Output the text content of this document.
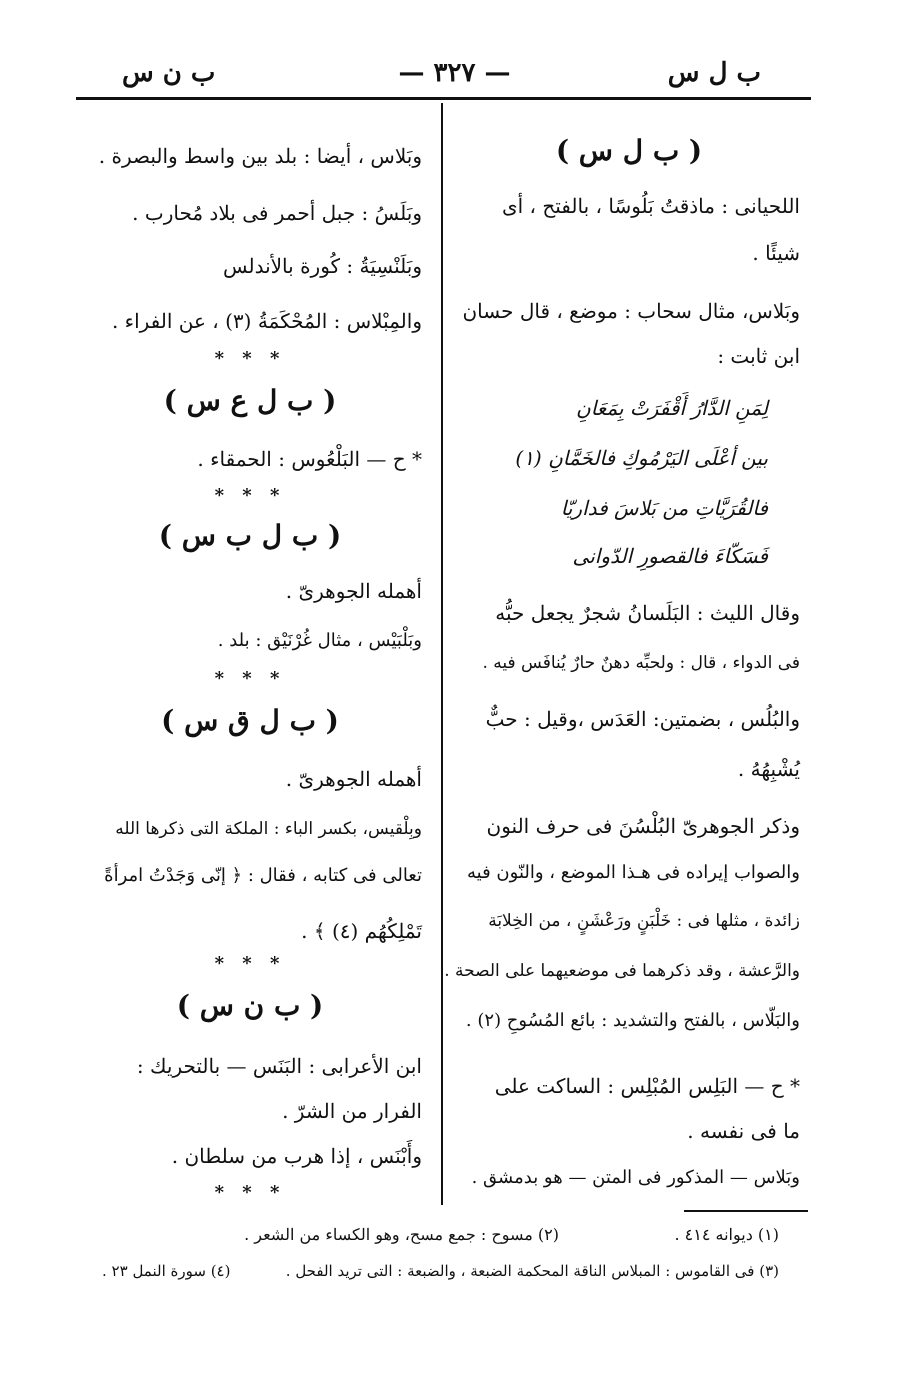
ب ل س
— ٣٢٧ —
ب ن س
( ب ل س )
اللحيانى : ماذقتُ بَلُوسًا ، بالفتح ، أى
شيئًا .
وبَلاس، مثال سحاب : موضع ، قال حسان
ابن ثابت :
لِمَنِ الدَّارُ أَقْفَرَتْ بِمَعَانِ
بين أعْلَى اليَرْمُوكِ فالخَمَّانِ (١)
فالقُرَيَّاتِ من بَلاسَ فداريّا
فَسَكّاءَ فالقصورِ الدّوانى
وقال الليث : البَلَسانُ شجرٌ يجعل حبُّه
فى الدواء ، قال : ولحبِّه دهنٌ حارٌ يُنافَس فيه .
والبُلُس ، بضمتين: العَدَس ،وقيل : حبٌّ
يُشْبِهُهُ .
وذكر الجوهرىّ البُلْسُنَ فى حرف النون
والصواب إيراده فى هـذا الموضع ، والنّون فيه
زائدة ، مثلها فى : خَلْبَنٍ ورَعْشَنٍ ، من الخِلابَة
والرَّعشة ، وقد ذكرهما فى موضعيهما على الصحة .
والبَلّاس ، بالفتح والتشديد : بائع المُسُوحِ (٢) .
* ح — البَلِس المُبْلِس : الساكت على
ما فى نفسه .
وبَلاس — المذكور فى المتن — هو بدمشق .
وبَلاس ، أيضا : بلد بين واسط والبصرة .
وبَلَسُ : جبل أحمر فى بلاد مُحارب .
وبَلَنْسِيَةُ : كُورة بالأندلس
والمِبْلاس : المُحْكَمَةُ (٣) ، عن الفراء .
* * *
( ب ل ع س )
* ح — البَلْعُوس : الحمقاء .
* * *
( ب ل ب س )
أهمله الجوهرىّ .
وبَلْبَيْس ، مثال غُرْنَيْق : بلد .
* * *
( ب ل ق س )
أهمله الجوهرىّ .
وبِلْقيس، بكسر الباء : الملكة التى ذكرها الله
تعالى فى كتابه ، فقال : ﴿ إنّى وَجَدْتُ امرأةً
تَمْلِكُهُم (٤) ﴾ .
* * *
( ب ن س )
ابن الأعرابى : البَنَس — بالتحريك :
الفرار من الشرّ .
وأَبْنَس ، إذا هرب من سلطان .
* * *
(١) ديوانه ٤١٤ .
(٢) مسوح : جمع مسح، وهو الكساء من الشعر .
(٣) فى القاموس : المبلاس الناقة المحكمة الضبعة ، والضبعة : التى تريد الفحل .
(٤) سورة النمل ٢٣ .
